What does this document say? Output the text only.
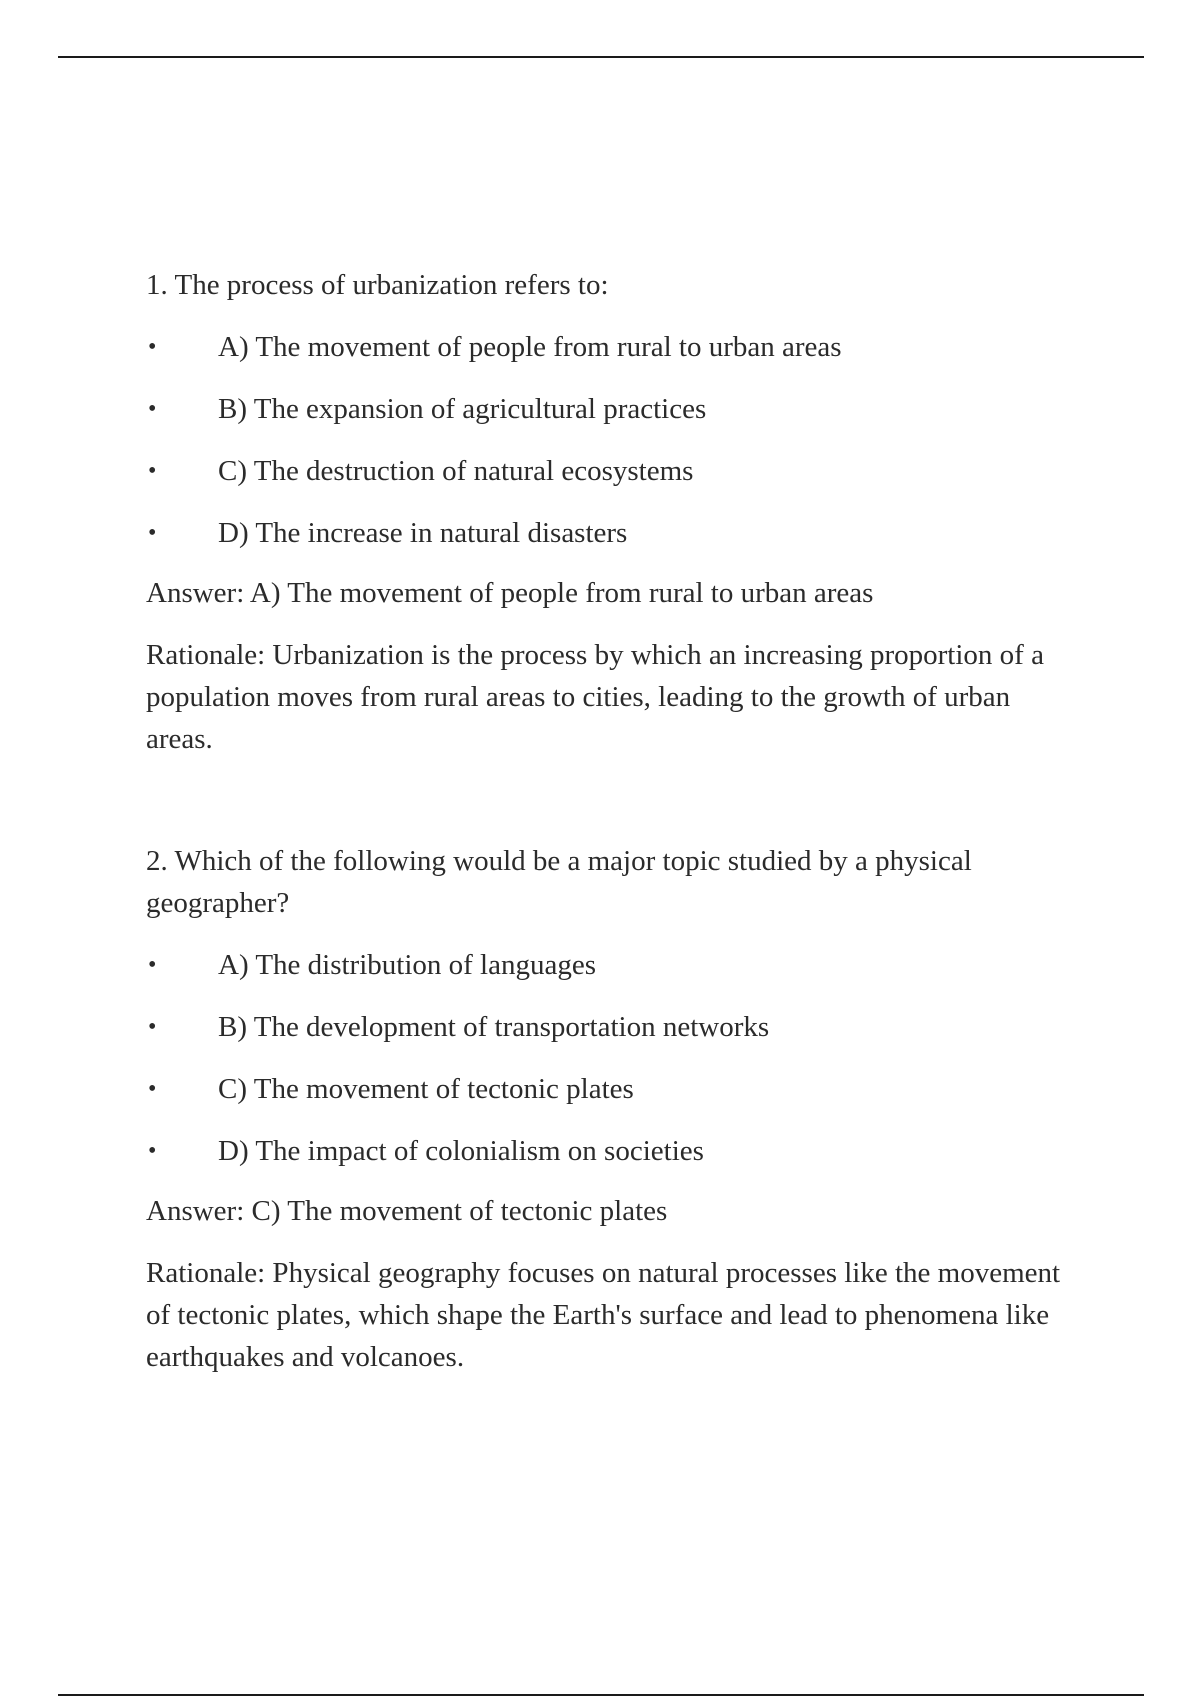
1. The process of urbanization refers to:

• A) The movement of people from rural to urban areas
• B) The expansion of agricultural practices
• C) The destruction of natural ecosystems
• D) The increase in natural disasters

Answer: A) The movement of people from rural to urban areas

Rationale: Urbanization is the process by which an increasing proportion of a population moves from rural areas to cities, leading to the growth of urban areas.

2. Which of the following would be a major topic studied by a physical geographer?

• A) The distribution of languages
• B) The development of transportation networks
• C) The movement of tectonic plates
• D) The impact of colonialism on societies

Answer: C) The movement of tectonic plates

Rationale: Physical geography focuses on natural processes like the movement of tectonic plates, which shape the Earth's surface and lead to phenomena like earthquakes and volcanoes.
